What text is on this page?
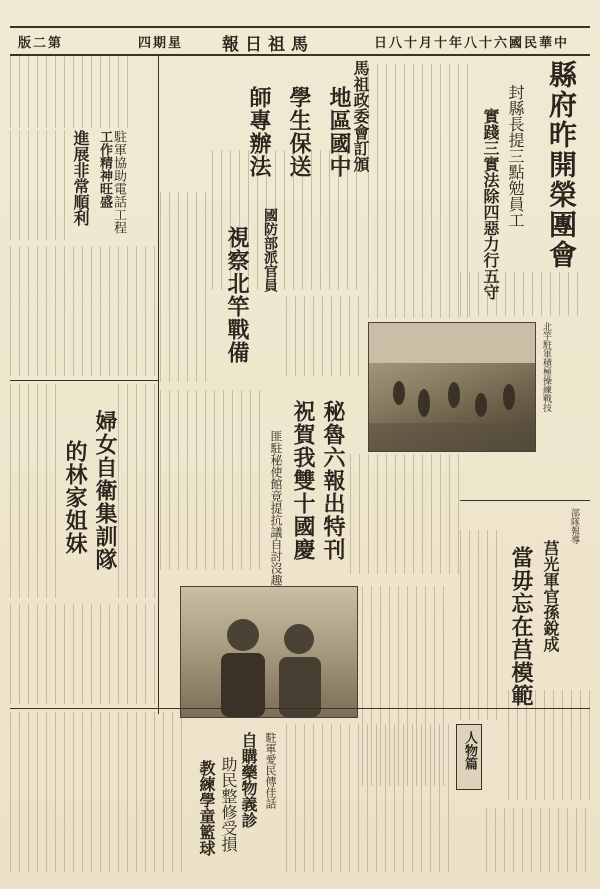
版二第	四期星 報日祖馬	日八十月十年八十六國民華中

縣府昨開榮團會

封縣長提三點勉員工

實踐三實法除四惡力行五守

馬祖政委會訂頒

地區國中

學生保送

師專辦法

國防部派官員

視察北竿戰備

北竿駐軍積極操練戰技

秘魯六報出特刊

祝賀我雙十國慶

匪駐秘使館竟提抗議自討沒趣

駐軍協助電話工程

工作精神旺盛

進展非常順利

婦女自衛集訓隊

的林家姐妹	部隊報導

莒光軍官孫銳成

當毋忘在莒模範

人物篇

駐軍愛民傳佳話

自購藥物義診

助民整修受損

教練學童籃球
